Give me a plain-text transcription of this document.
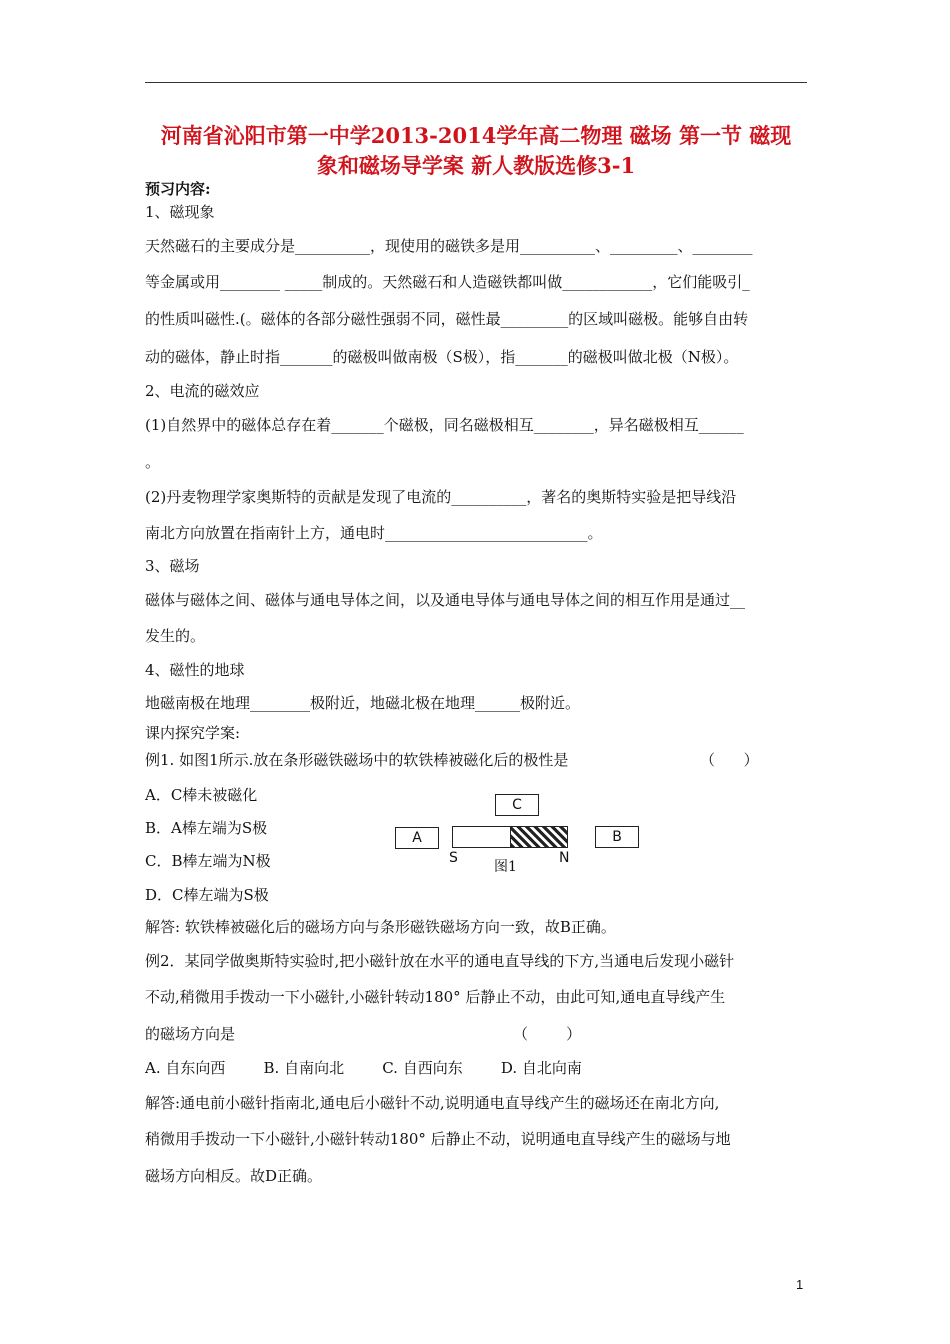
河南省沁阳市第一中学2013-2014学年高二物理 磁场 第一节 磁现
象和磁场导学案 新人教版选修3-1
预习内容:
1、磁现象
天然磁石的主要成分是__________，现使用的磁铁多是用__________、_________、________
等金属或用________ _____制成的。天然磁石和人造磁铁都叫做____________，它们能吸引_
的性质叫磁性.(。磁体的各部分磁性强弱不同，磁性最_________的区域叫磁极。能够自由转
动的磁体，静止时指_______的磁极叫做南极（S极），指_______的磁极叫做北极（N极）。
2、电流的磁效应
(1)自然界中的磁体总存在着_______个磁极，同名磁极相互________，异名磁极相互______
。
(2)丹麦物理学家奥斯特的贡献是发现了电流的__________，著名的奥斯特实验是把导线沿
南北方向放置在指南针上方，通电时___________________________。
3、磁场
磁体与磁体之间、磁体与通电导体之间，以及通电导体与通电导体之间的相互作用是通过__
发生的。
4、磁性的地球
地磁南极在地理________极附近，地磁北极在地理______极附近。
课内探究学案:
例1. 如图1所示.放在条形磁铁磁场中的软铁棒被磁化后的极性是	（      ）
A．C棒未被磁化
B．A棒左端为S极
C．B棒左端为N极
D．C棒左端为S极
C
A	B
S	N
图1
解答: 软铁棒被磁化后的磁场方向与条形磁铁磁场方向一致，故B正确。
例2．某同学做奥斯特实验时,把小磁针放在水平的通电直导线的下方,当通电后发现小磁针
不动,稍微用手拨动一下小磁针,小磁针转动180° 后静止不动，由此可知,通电直导线产生
的磁场方向是	（        ）
A. 自东向西        B. 自南向北        C. 自西向东        D. 自北向南
解答:通电前小磁针指南北,通电后小磁针不动,说明通电直导线产生的磁场还在南北方向,
稍微用手拨动一下小磁针,小磁针转动180° 后静止不动，说明通电直导线产生的磁场与地
磁场方向相反。故D正确。
1
